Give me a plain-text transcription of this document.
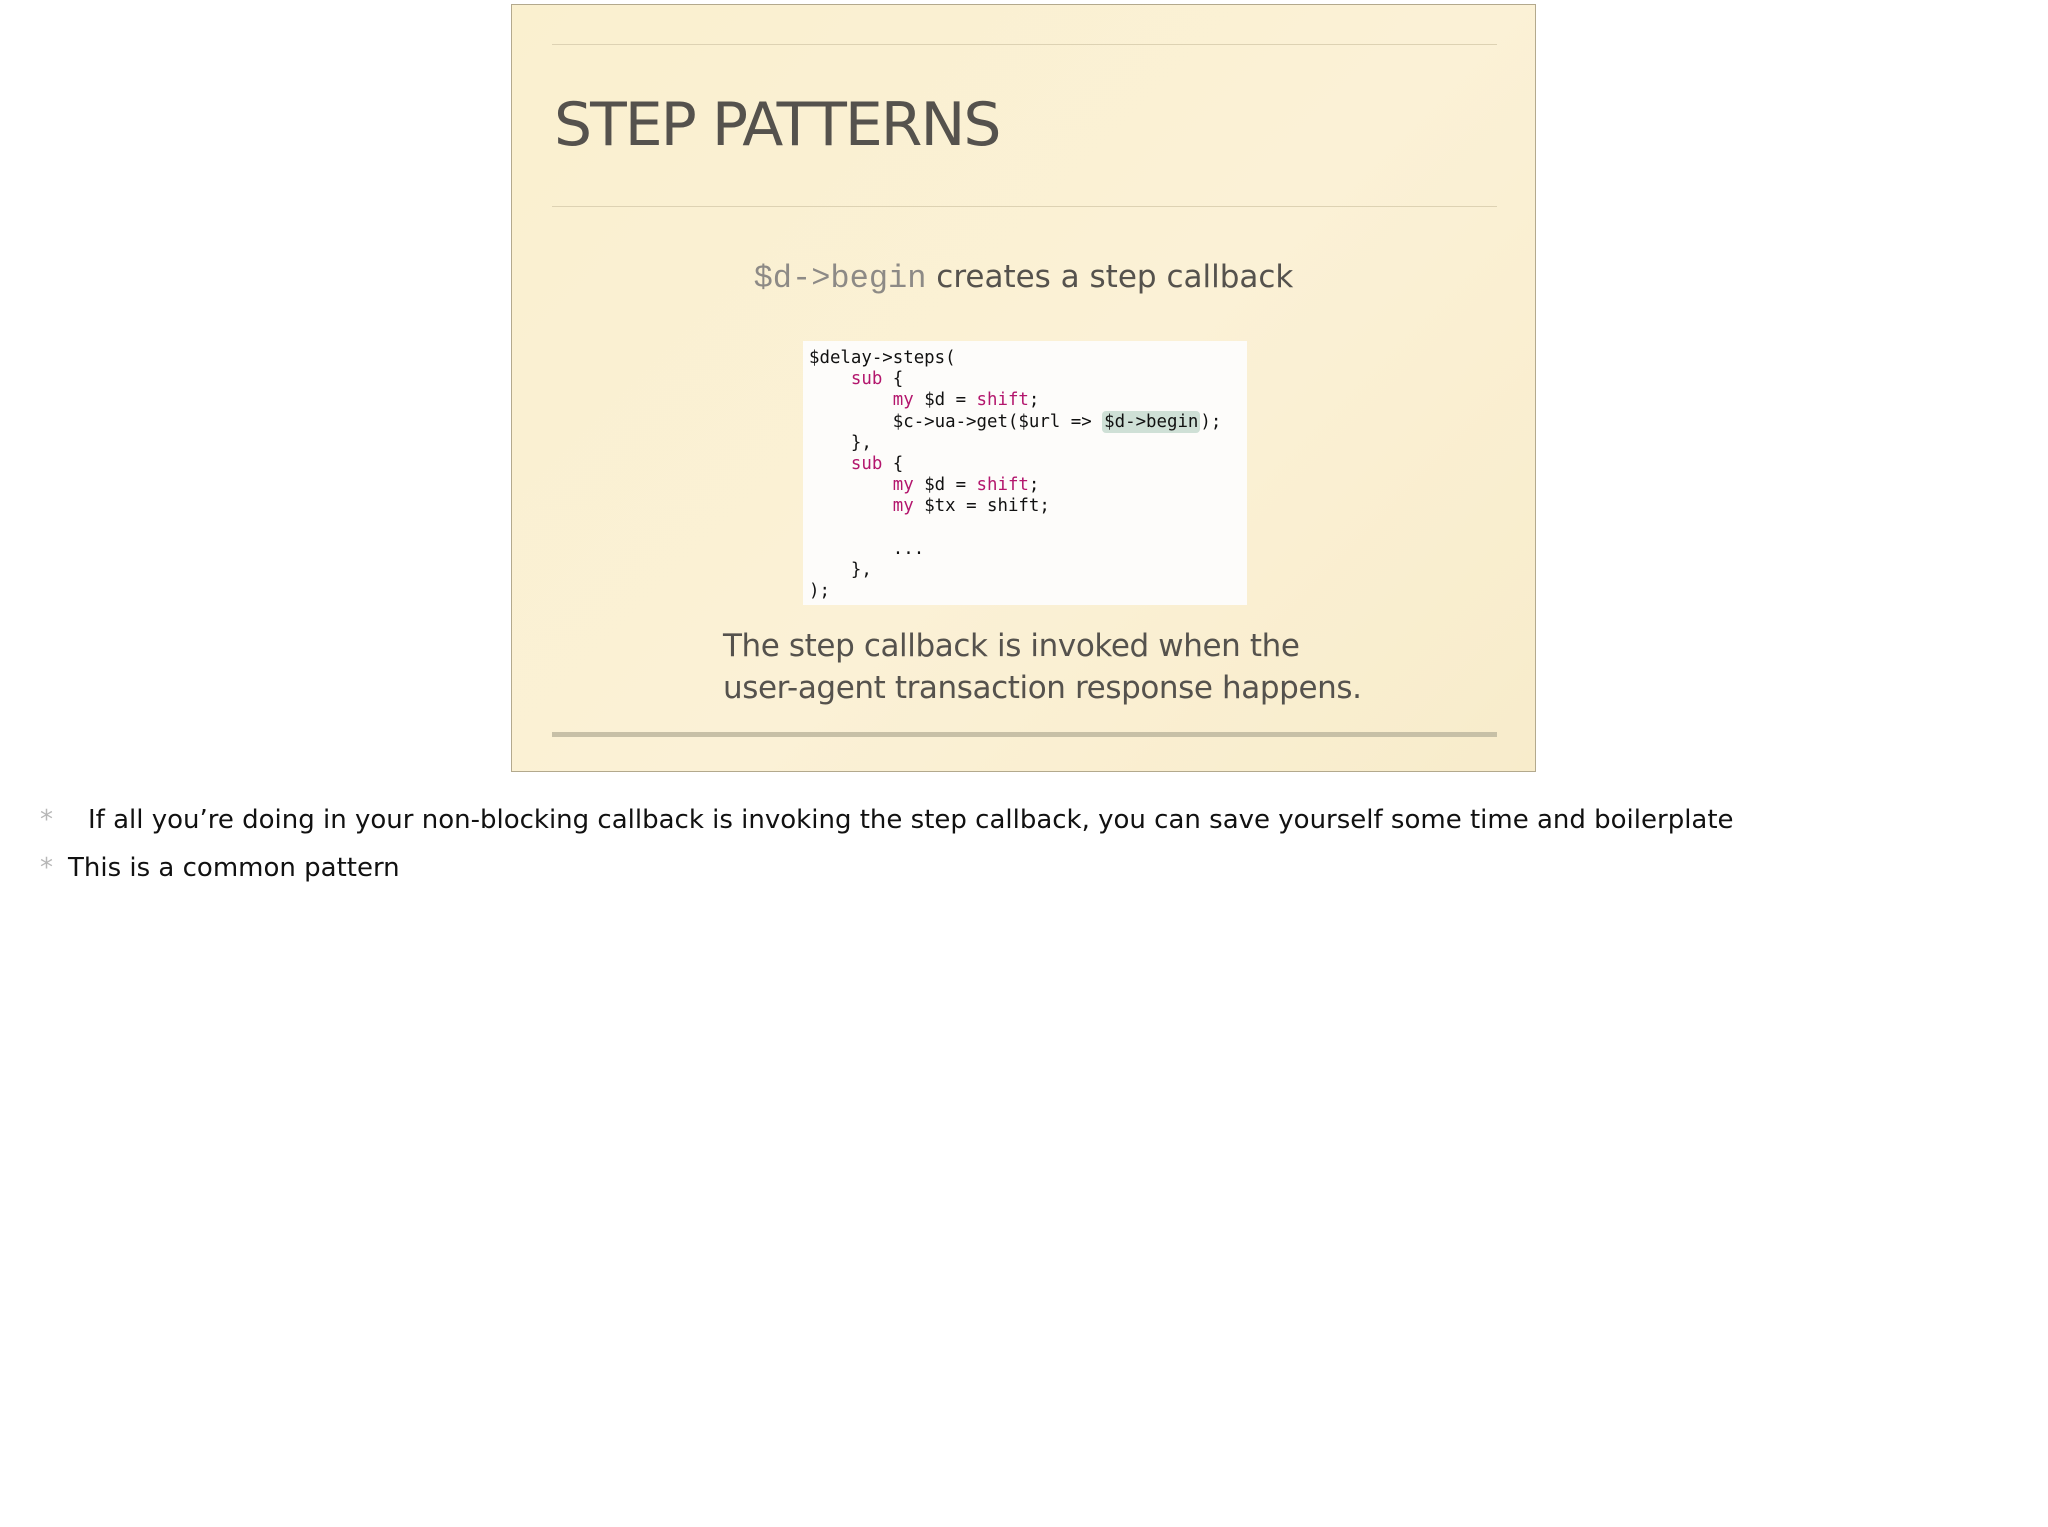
STEP PATTERNS
$d->begin creates a step callback
$delay->steps(
sub {
my $d = shift;
$c->ua->get($url => $d->begin );
},
sub {
my $d = shift;
my $tx = shift;

...
},
);
The step callback is invoked when the
user-agent transaction response happens.
* If all you’re doing in your non-blocking callback is invoking the step callback, you can save yourself some time and boilerplate
* This is a common pattern
